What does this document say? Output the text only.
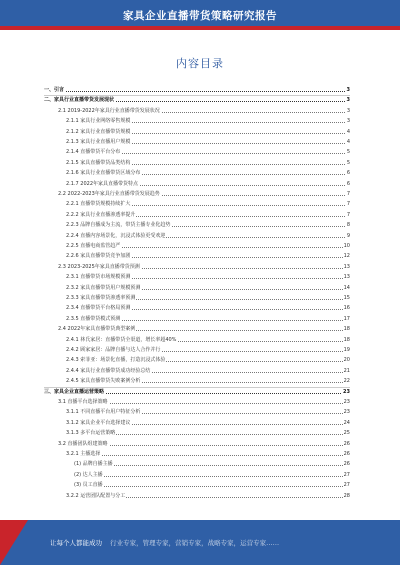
家具企业直播带货策略研究报告
内容目录
一、引言	3
二、家具行业直播带货发展现状	3
2.1 2019-2022年家具行业直播带货发展状况	3
2.1.1 家具行业网络零售规模	3
2.1.2 家具行业直播带货规模	4
2.1.3 家具行业直播用户规模	4
2.1.4 直播带货平台分布	5
2.1.5 家具直播带货品类结构	5
2.1.6 家具行业直播带货区域分布	6
2.1.7 2022年家具直播带货特点	6
2.2 2022-2023年家具行业直播带货发展趋势	7
2.2.1 直播带货规模持续扩大	7
2.2.2 家具行业直播渗透率提升	7
2.2.3 品牌自播成为主流，带货主播专业化趋势	8
2.2.4 直播内容场景化，沉浸式体验更受欢迎	9
2.2.5 直播电商监管趋严	10
2.2.6 家具直播带货竞争加剧	12
2.3 2023-2025年家具直播带货预测	13
2.3.1 直播带货市场规模预测	13
2.3.2 家具直播带货用户规模预测	14
2.3.3 家具直播带货渗透率预测	15
2.3.4 直播带货平台格局预测	16
2.3.5 直播带货模式预测	17
2.4 2022年家具直播带货典型案例	18
2.4.1 林氏家居：直播带货全渠道，增长率超40%	18
2.4.2 顾家家居：品牌自播与达人合作并行	19
2.4.3 索菲亚：场景化直播，打造沉浸式体验	20
2.4.4 家具行业直播带货成功经验总结	21
2.4.5 家具直播带货失败案例分析	22
三、家具企业直播运营策略	23
3.1 直播平台选择策略	23
3.1.1 不同直播平台用户特征分析	23
3.1.2 家具企业平台选择建议	24
3.1.3 多平台运营策略	25
3.2 直播团队组建策略	26
3.2.1 主播选择	26
(1) 品牌自播主播	26
(2) 达人主播	27
(3) 员工直播	27
3.2.2 运营团队配置与分工	28
让每个人都能成功 行业专家，管理专家，营销专家，战略专家，运营专家……
